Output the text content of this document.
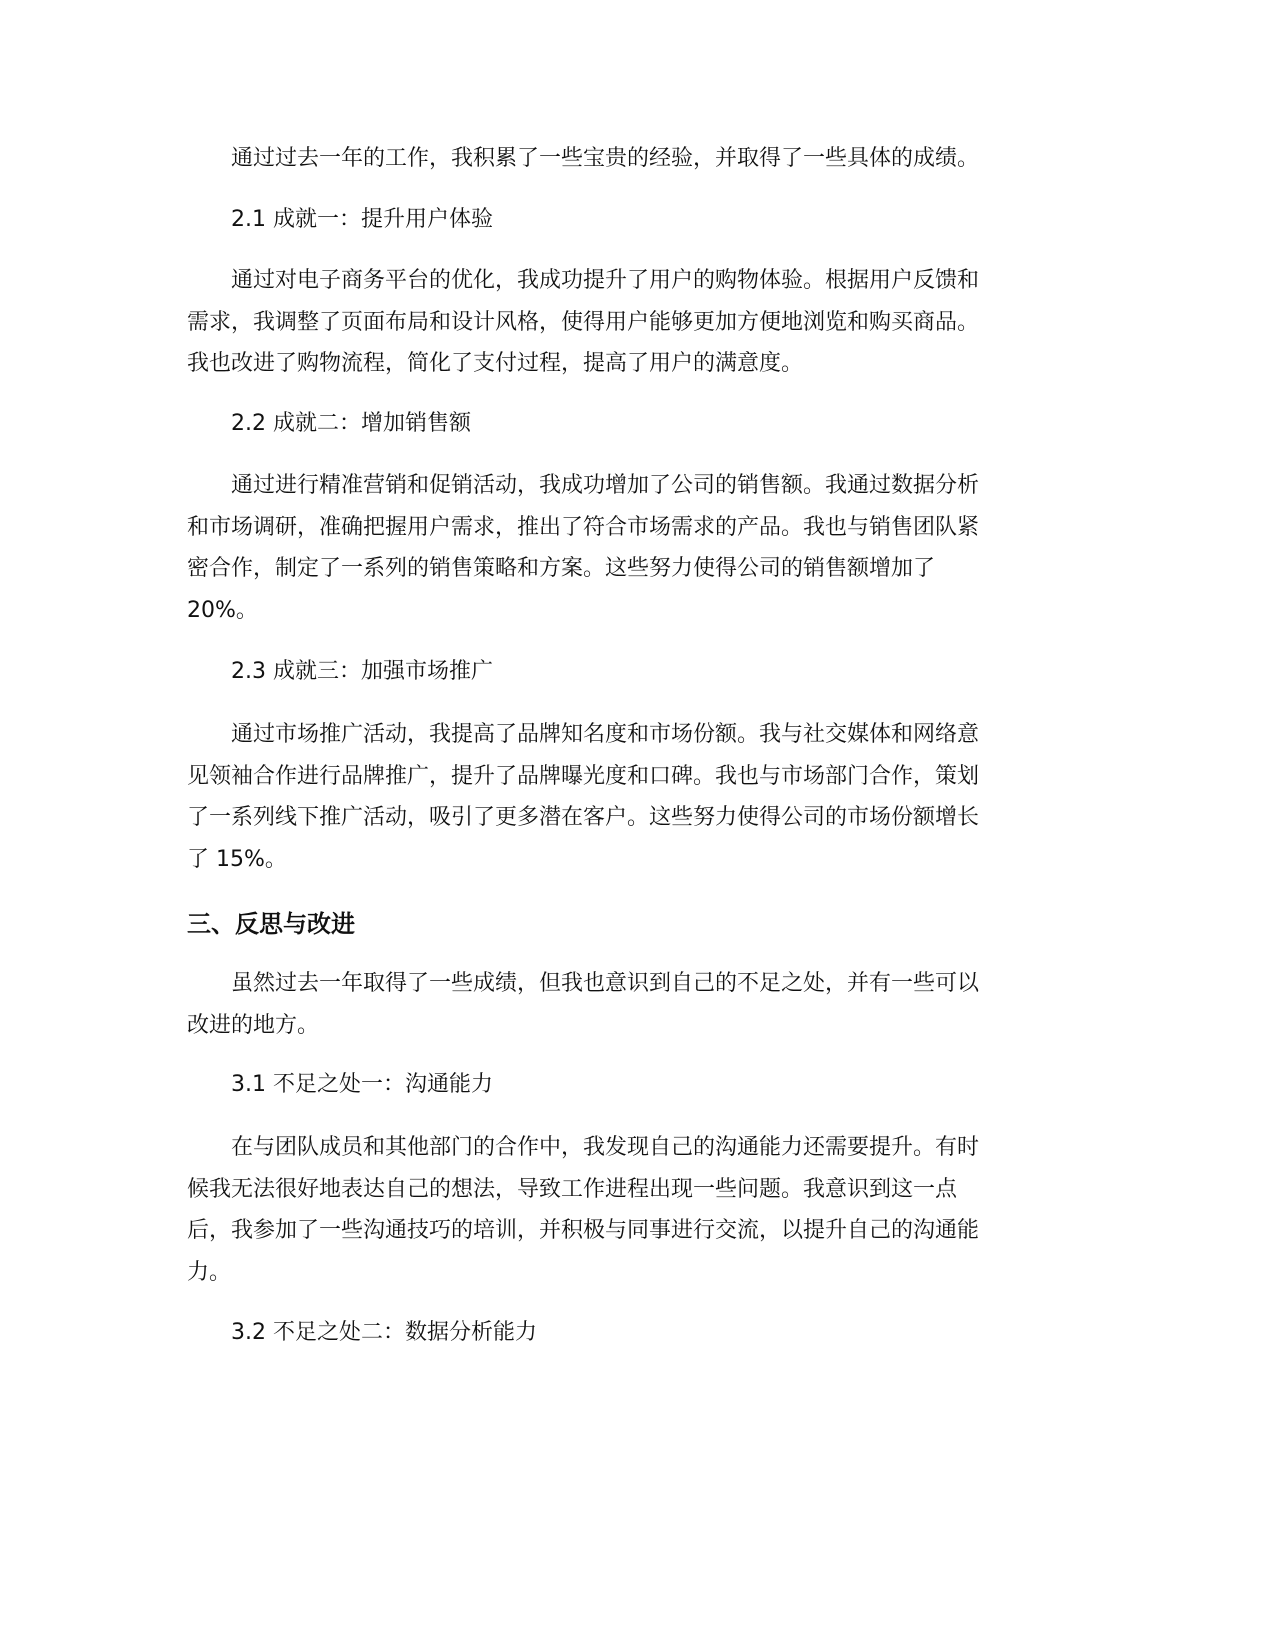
通过过去一年的工作，我积累了一些宝贵的经验，并取得了一些具体的成绩。

2.1 成就一：提升用户体验

通过对电子商务平台的优化，我成功提升了用户的购物体验。根据用户反馈和
需求，我调整了页面布局和设计风格，使得用户能够更加方便地浏览和购买商品。
我也改进了购物流程，简化了支付过程，提高了用户的满意度。

2.2 成就二：增加销售额

通过进行精准营销和促销活动，我成功增加了公司的销售额。我通过数据分析
和市场调研，准确把握用户需求，推出了符合市场需求的产品。我也与销售团队紧
密合作，制定了一系列的销售策略和方案。这些努力使得公司的销售额增加了
20%。

2.3 成就三：加强市场推广

通过市场推广活动，我提高了品牌知名度和市场份额。我与社交媒体和网络意
见领袖合作进行品牌推广，提升了品牌曝光度和口碑。我也与市场部门合作，策划
了一系列线下推广活动，吸引了更多潜在客户。这些努力使得公司的市场份额增长
了 15%。
三、反思与改进
虽然过去一年取得了一些成绩，但我也意识到自己的不足之处，并有一些可以
改进的地方。

3.1 不足之处一：沟通能力

在与团队成员和其他部门的合作中，我发现自己的沟通能力还需要提升。有时
候我无法很好地表达自己的想法，导致工作进程出现一些问题。我意识到这一点
后，我参加了一些沟通技巧的培训，并积极与同事进行交流，以提升自己的沟通能
力。

3.2 不足之处二：数据分析能力
